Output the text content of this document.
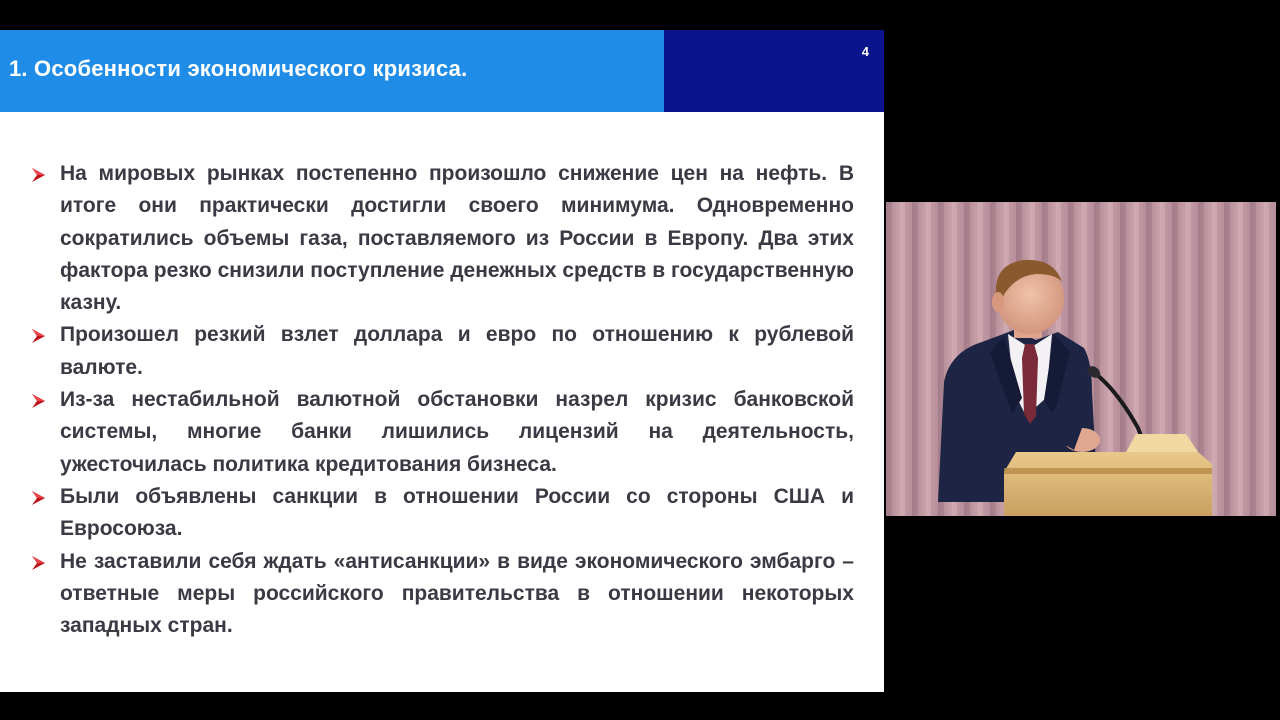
1. Особенности экономического кризиса.
4
На мировых рынках постепенно произошло снижение цен на нефть. В итоге они практически достигли своего минимума. Одновременно сократились объемы газа, поставляемого из России в Европу. Два этих фактора резко снизили поступление денежных средств в государственную казну.
Произошел резкий взлет доллара и евро по отношению к рублевой валюте.
Из-за нестабильной валютной обстановки назрел кризис банковской системы, многие банки лишились лицензий на деятельность, ужесточилась политика кредитования бизнеса.
Были объявлены санкции в отношении России со стороны США и Евросоюза.
Не заставили себя ждать «антисанкции» в виде экономического эмбарго – ответные меры российского правительства в отношении некоторых западных стран.
